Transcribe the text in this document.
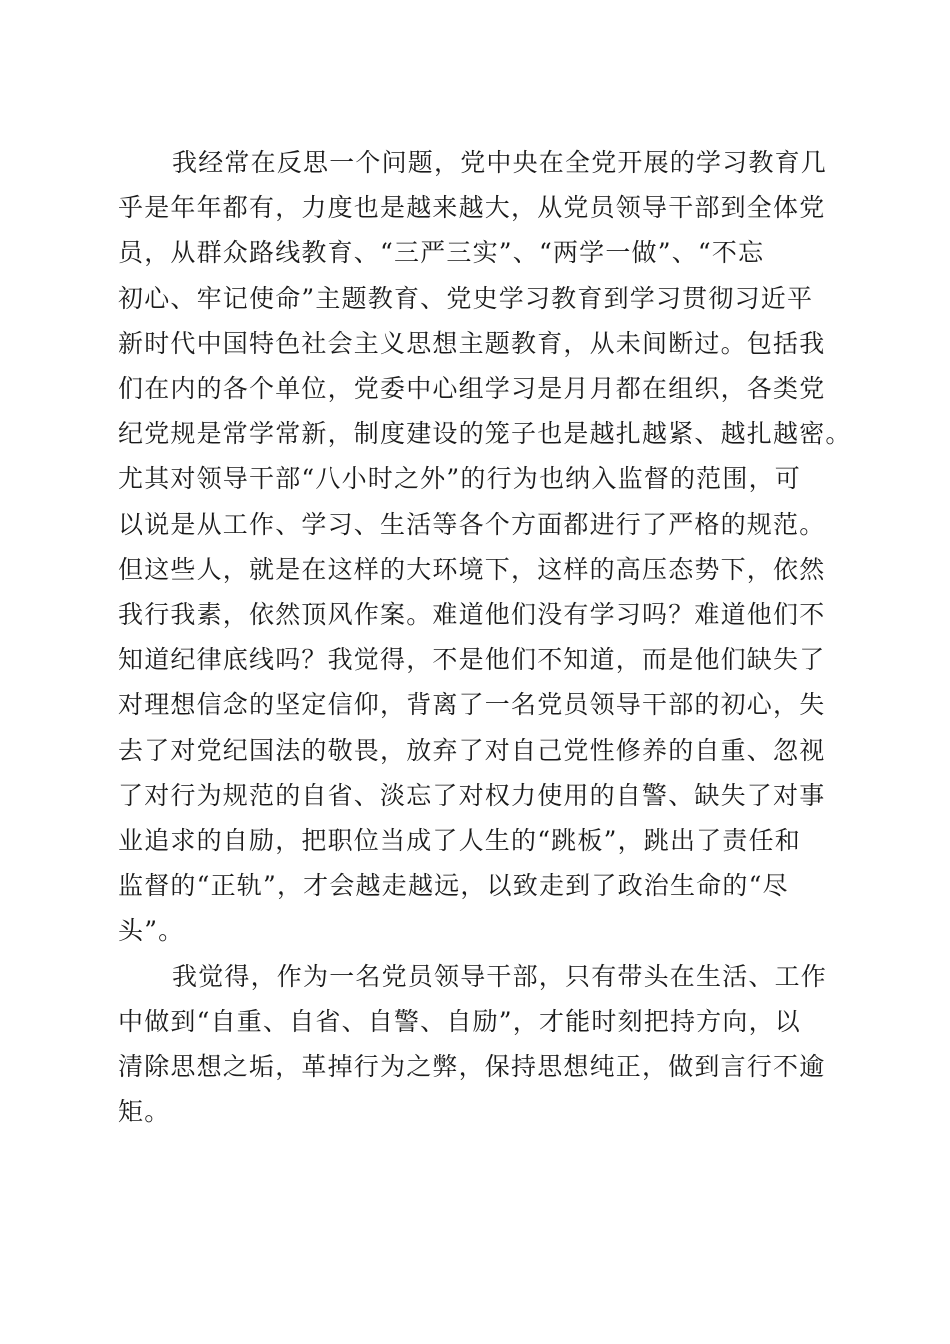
我经常在反思一个问题，党中央在全党开展的学习教育几
乎是年年都有，力度也是越来越大，从党员领导干部到全体党
员，从群众路线教育、“三严三实”、“两学一做”、“不忘
初心、牢记使命”主题教育、党史学习教育到学习贯彻习近平
新时代中国特色社会主义思想主题教育，从未间断过。包括我
们在内的各个单位，党委中心组学习是月月都在组织，各类党
纪党规是常学常新，制度建设的笼子也是越扎越紧、越扎越密。
尤其对领导干部“八小时之外”的行为也纳入监督的范围，可
以说是从工作、学习、生活等各个方面都进行了严格的规范。
但这些人，就是在这样的大环境下，这样的高压态势下，依然
我行我素，依然顶风作案。难道他们没有学习吗？难道他们不
知道纪律底线吗？我觉得，不是他们不知道，而是他们缺失了
对理想信念的坚定信仰，背离了一名党员领导干部的初心，失
去了对党纪国法的敬畏，放弃了对自己党性修养的自重、忽视
了对行为规范的自省、淡忘了对权力使用的自警、缺失了对事
业追求的自励，把职位当成了人生的“跳板”，跳出了责任和
监督的“正轨”，才会越走越远，以致走到了政治生命的“尽
头”。
我觉得，作为一名党员领导干部，只有带头在生活、工作
中做到“自重、自省、自警、自励”，才能时刻把持方向，以
清除思想之垢，革掉行为之弊，保持思想纯正，做到言行不逾
矩。
